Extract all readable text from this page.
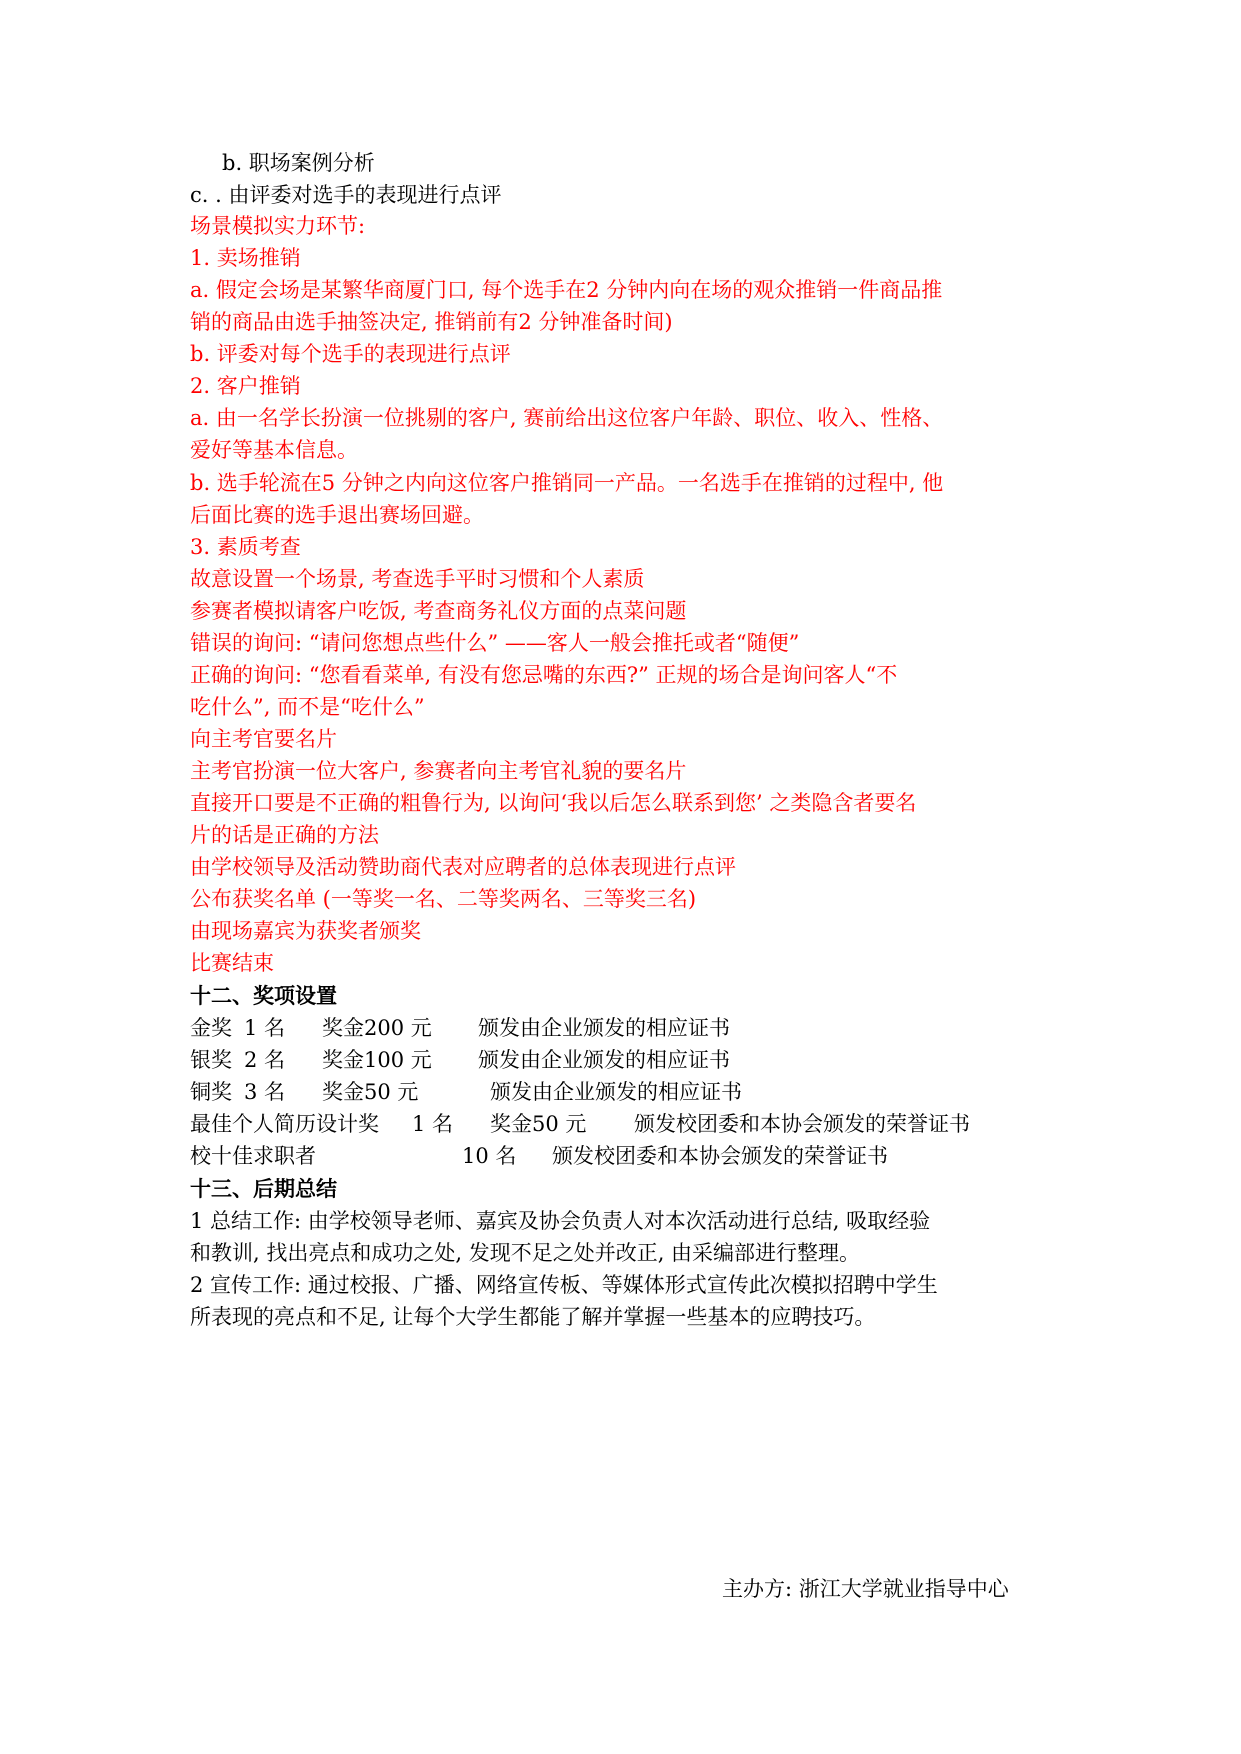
b. 职场案例分析
c. . 由评委对选手的表现进行点评
场景模拟实力环节:
1. 卖场推销
a. 假定会场是某繁华商厦门口, 每个选手在2 分钟内向在场的观众推销一件商品推
销的商品由选手抽签决定, 推销前有2 分钟准备时间)
b. 评委对每个选手的表现进行点评
2. 客户推销
a. 由一名学长扮演一位挑剔的客户, 赛前给出这位客户年龄、职位、收入、性格、
爱好等基本信息。
b. 选手轮流在5 分钟之内向这位客户推销同一产品。一名选手在推销的过程中, 他
后面比赛的选手退出赛场回避。
3. 素质考查
故意设置一个场景, 考查选手平时习惯和个人素质
参赛者模拟请客户吃饭, 考查商务礼仪方面的点菜问题
错误的询问: “请问您想点些什么” ——客人一般会推托或者“随便”
正确的询问: “您看看菜单, 有没有您忌嘴的东西?” 正规的场合是询问客人“不
吃什么”, 而不是“吃什么”
向主考官要名片
主考官扮演一位大客户, 参赛者向主考官礼貌的要名片
直接开口要是不正确的粗鲁行为, 以询问‘我以后怎么联系到您’ 之类隐含者要名
片的话是正确的方法
由学校领导及活动赞助商代表对应聘者的总体表现进行点评
公布获奖名单 (一等奖一名、二等奖两名、三等奖三名)
由现场嘉宾为获奖者颁奖
比赛结束
十二、奖项设置
金奖 1 名 奖金200 元 颁发由企业颁发的相应证书
银奖 2 名 奖金100 元 颁发由企业颁发的相应证书
铜奖 3 名 奖金50 元	颁发由企业颁发的相应证书
最佳个人简历设计奖 1 名 奖金50 元 颁发校团委和本协会颁发的荣誉证书
校十佳求职者	10 名 颁发校团委和本协会颁发的荣誉证书
十三、后期总结
1 总结工作: 由学校领导老师、嘉宾及协会负责人对本次活动进行总结, 吸取经验
和教训, 找出亮点和成功之处, 发现不足之处并改正, 由采编部进行整理。
2 宣传工作: 通过校报、广播、网络宣传板、等媒体形式宣传此次模拟招聘中学生
所表现的亮点和不足, 让每个大学生都能了解并掌握一些基本的应聘技巧。
主办方: 浙江大学就业指导中心
